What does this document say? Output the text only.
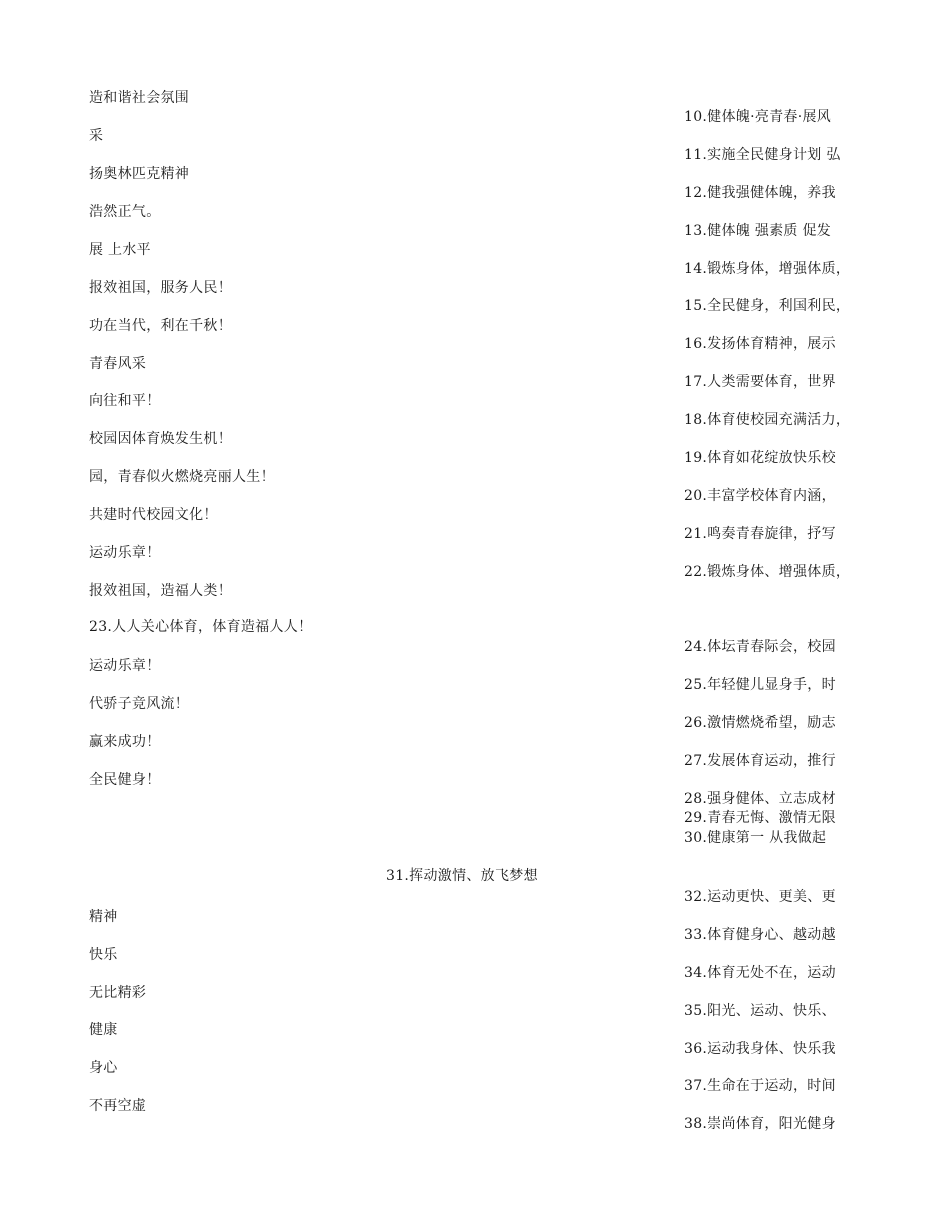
造和谐社会氛围
采
扬奥林匹克精神
浩然正气。
展 上水平
报效祖国，服务人民！
功在当代，利在千秋！
青春风采
向往和平！
校园因体育焕发生机！
园，青春似火燃烧亮丽人生！
共建时代校园文化！
运动乐章！
报效祖国，造福人类！
10.健体魄·亮青春·展风
11.实施全民健身计划 弘
12.健我强健体魄，养我
13.健体魄 强素质 促发
14.锻炼身体，增强体质，
15.全民健身，利国利民，
16.发扬体育精神，展示
17.人类需要体育，世界
18.体育使校园充满活力，
19.体育如花绽放快乐校
20.丰富学校体育内涵，
21.鸣奏青春旋律，抒写
22.锻炼身体、增强体质，
23.人人关心体育，体育造福人人！
运动乐章！
代骄子竞风流！
赢来成功！
全民健身！
24.体坛青春际会，校园
25.年轻健儿显身手，时
26.激情燃烧希望，励志
27.发展体育运动，推行
28.强身健体、立志成材
29.青春无悔、激情无限
30.健康第一 从我做起
31.挥动激情、放飞梦想
精神
快乐
无比精彩
健康
身心
不再空虚
32.运动更快、更美、更
33.体育健身心、越动越
34.体育无处不在，运动
35.阳光、运动、快乐、
36.运动我身体、快乐我
37.生命在于运动，时间
38.崇尚体育，阳光健身
